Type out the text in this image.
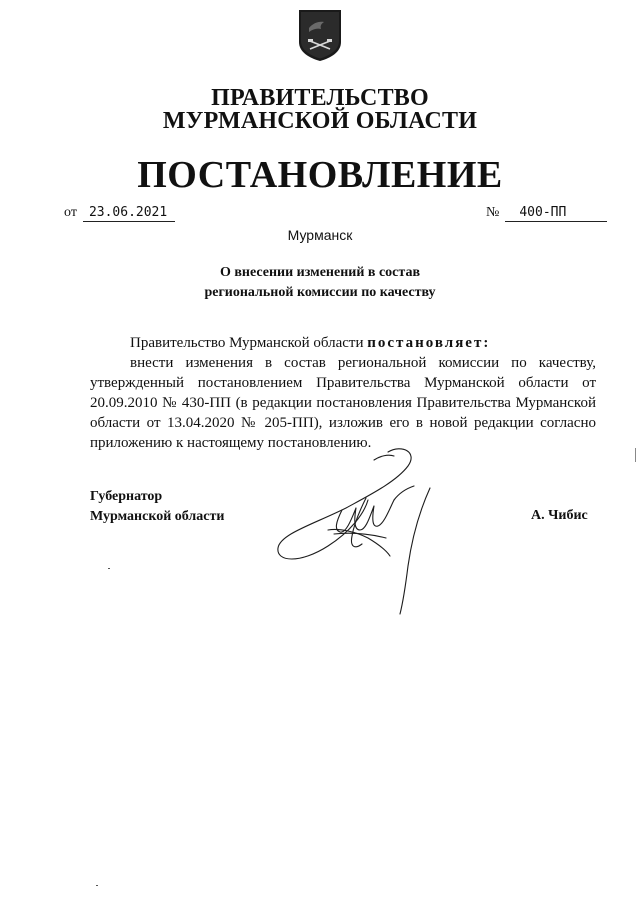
ПРАВИТЕЛЬСТВО
МУРМАНСКОЙ ОБЛАСТИ
ПОСТАНОВЛЕНИЕ
от 23.06.2021	№ 400-ПП
Мурманск
О внесении изменений в состав
региональной комиссии по качеству
Правительство Мурманской области постановляет:
внести изменения в состав региональной комиссии по качеству, утвержденный постановлением Правительства Мурманской области от 20.09.2010 № 430-ПП (в редакции постановления Правительства Мурманской области от 13.04.2020 № 205-ПП), изложив его в новой редакции согласно приложению к настоящему постановлению.
Губернатор
Мурманской области	А. Чибис
